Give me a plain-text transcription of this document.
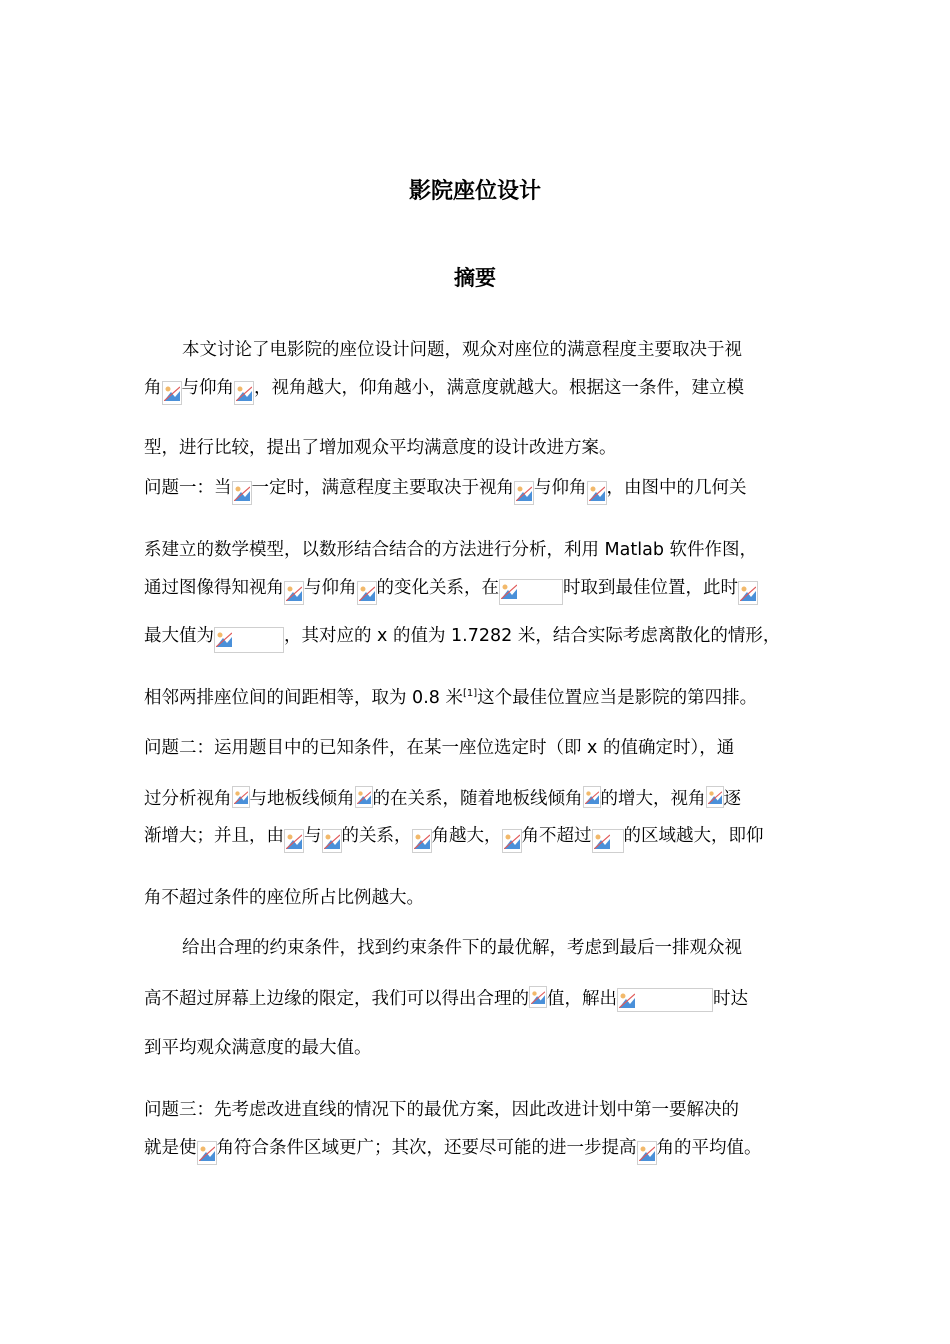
影院座位设计
摘要
本文讨论了电影院的座位设计问题，观众对座位的满意程度主要取决于视
角 与仰角 ，视角越大，仰角越小，满意度就越大。根据这一条件，建立模
型，进行比较，提出了增加观众平均满意度的设计改进方案。
问题一：当 一定时，满意程度主要取决于视角 与仰角 ，由图中的几何关
系建立的数学模型，以数形结合结合的方法进行分析，利用 Matlab 软件作图，
通过图像得知视角 与仰角 的变化关系，在	时取到最佳位置，此时
最大值为	，其对应的 x 的值为 1.7282 米，结合实际考虑离散化的情形，
相邻两排座位间的间距相等，取为 0.8 米[1]这个最佳位置应当是影院的第四排。
问题二：运用题目中的已知条件，在某一座位选定时（即 x 的值确定时），通
过分析视角 与地板线倾角 的在关系，随着地板线倾角 的增大，视角 逐
渐增大；并且，由 与 的关系， 角越大， 角不超过 的区域越大，即仰
角不超过条件的座位所占比例越大。
给出合理的约束条件，找到约束条件下的最优解，考虑到最后一排观众视
高不超过屏幕上边缘的限定，我们可以得出合理的 值，解出	时达
到平均观众满意度的最大值。
问题三：先考虑改进直线的情况下的最优方案，因此改进计划中第一要解决的
就是使 角符合条件区域更广；其次，还要尽可能的进一步提高 角的平均值。
